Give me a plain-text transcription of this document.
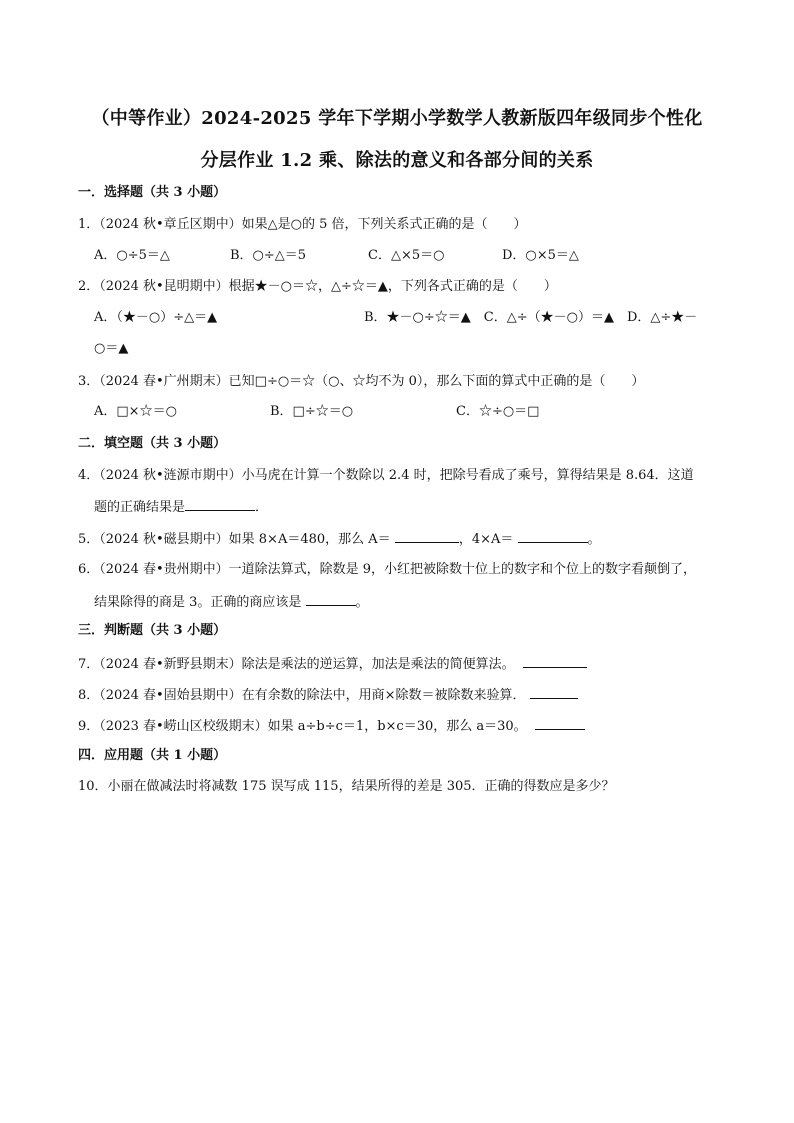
（中等作业）2024-2025 学年下学期小学数学人教新版四年级同步个性化
分层作业 1.2 乘、除法的意义和各部分间的关系
一．选择题（共 3 小题）
1．（2024 秋•章丘区期中）如果△是○的 5 倍，下列关系式正确的是（　　）
A．○÷5＝△	B．○÷△＝5	C．△×5＝○	D．○×5＝△
2．（2024 秋•昆明期中）根据★－○＝☆，△÷☆＝▲，下列各式正确的是（　　）
A．（★－○）÷△＝▲	B．★－○÷☆＝▲　C．△÷（★－○）＝▲　D．△÷★－
○＝▲
3．（2024 春•广州期末）已知□÷○＝☆（○、☆均不为 0），那么下面的算式中正确的是（　　）
A．□×☆＝○	B．□÷☆＝○	C．☆÷○＝□
二．填空题（共 3 小题）
4．（2024 秋•涟源市期中）小马虎在计算一个数除以 2.4 时，把除号看成了乘号，算得结果是 8.64．这道
题的正确结果是	．
5．（2024 秋•磁县期中）如果 8×A＝480，那么 A＝	，4×A＝	。
6．（2024 春•贵州期中）一道除法算式，除数是 9，小红把被除数十位上的数字和个位上的数字看颠倒了，
结果除得的商是 3。正确的商应该是	。
三．判断题（共 3 小题）
7．（2024 春•新野县期末）除法是乘法的逆运算，加法是乘法的简便算法。
8．（2024 春•固始县期中）在有余数的除法中，用商×除数＝被除数来验算．
9．（2023 春•崂山区校级期末）如果 a÷b÷c＝1，b×c＝30，那么 a＝30。
四．应用题（共 1 小题）
10．小丽在做减法时将减数 175 误写成 115，结果所得的差是 305．正确的得数应是多少？
